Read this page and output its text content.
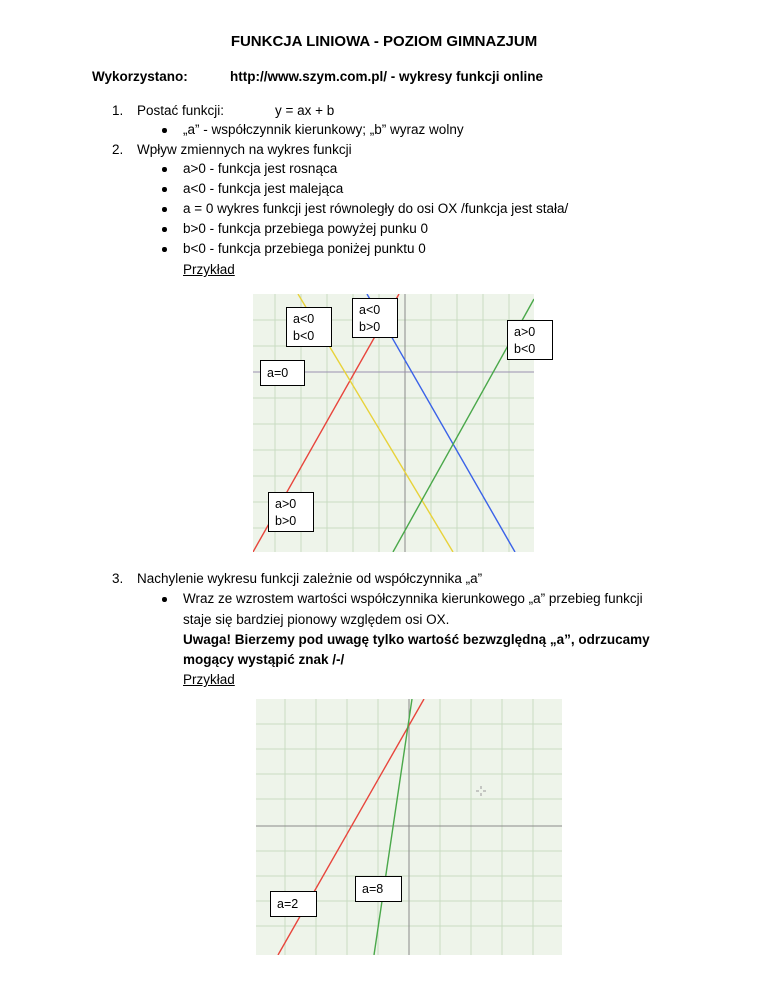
FUNKCJA LINIOWA - POZIOM GIMNAZJUM
Wykorzystano:	http://www.szym.com.pl/ - wykresy funkcji online
1. Postać funkcji:	y = ax + b
„a” - współczynnik kierunkowy; „b” wyraz wolny
2. Wpływ zmiennych na wykres funkcji
a>0 - funkcja jest rosnąca
a<0 - funkcja jest malejąca
a = 0 wykres funkcji jest równoległy do osi OX /funkcja jest stała/
b>0 - funkcja przebiega powyżej punku 0
b<0 - funkcja przebiega poniżej punktu 0
Przykład
a<0
b<0
a<0
b>0	a>0
b<0
a=0
a>0
b>0
3. Nachylenie wykresu funkcji zależnie od współczynnika „a”
Wraz ze wzrostem wartości współczynnika kierunkowego „a” przebieg funkcji
staje się bardziej pionowy względem osi OX.
Uwaga! Bierzemy pod uwagę tylko wartość bezwzględną „a”, odrzucamy
mogący wystąpić znak /-/
Przykład
a=2
a=8
